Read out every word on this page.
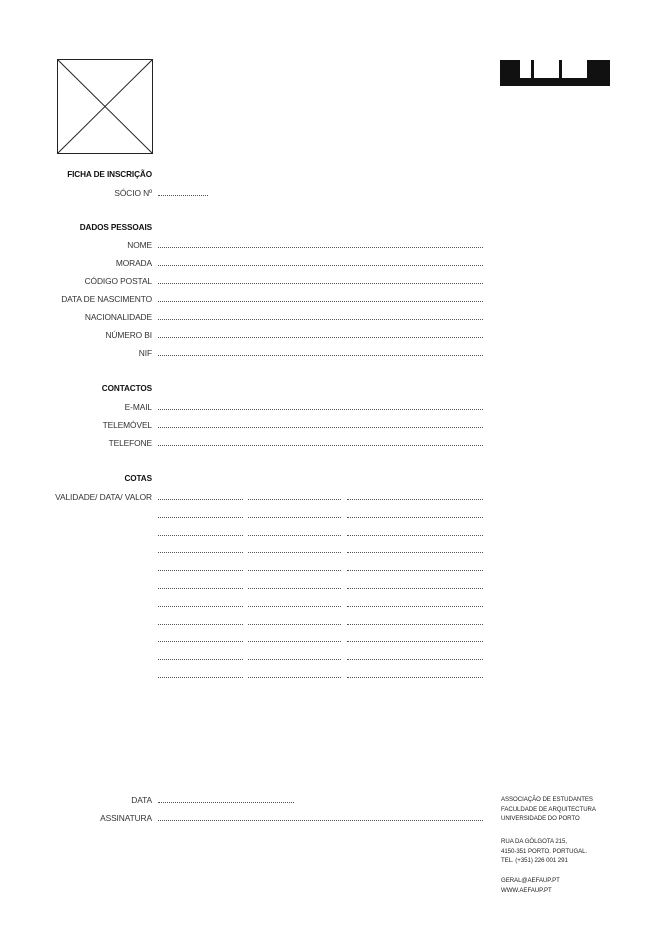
FICHA DE INSCRIÇÃO
SÓCIO Nº
DADOS PESSOAIS
NOME
MORADA
CÓDIGO POSTAL
DATA DE NASCIMENTO
NACIONALIDADE
NÚMERO BI
NIF
CONTACTOS
E-MAIL
TELEMÓVEL
TELEFONE
COTAS
VALIDADE/ DATA/ VALOR
DATA
ASSINATURA
ASSOCIAÇÃO DE ESTUDANTES
FACULDADE DE ARQUITECTURA
UNIVERSIDADE DO PORTO
RUA DA GÓLGOTA 215,
4150-351 PORTO. PORTUGAL.
TEL. (+351) 226 001 291
GERAL@AEFAUP.PT
WWW.AEFAUP.PT
